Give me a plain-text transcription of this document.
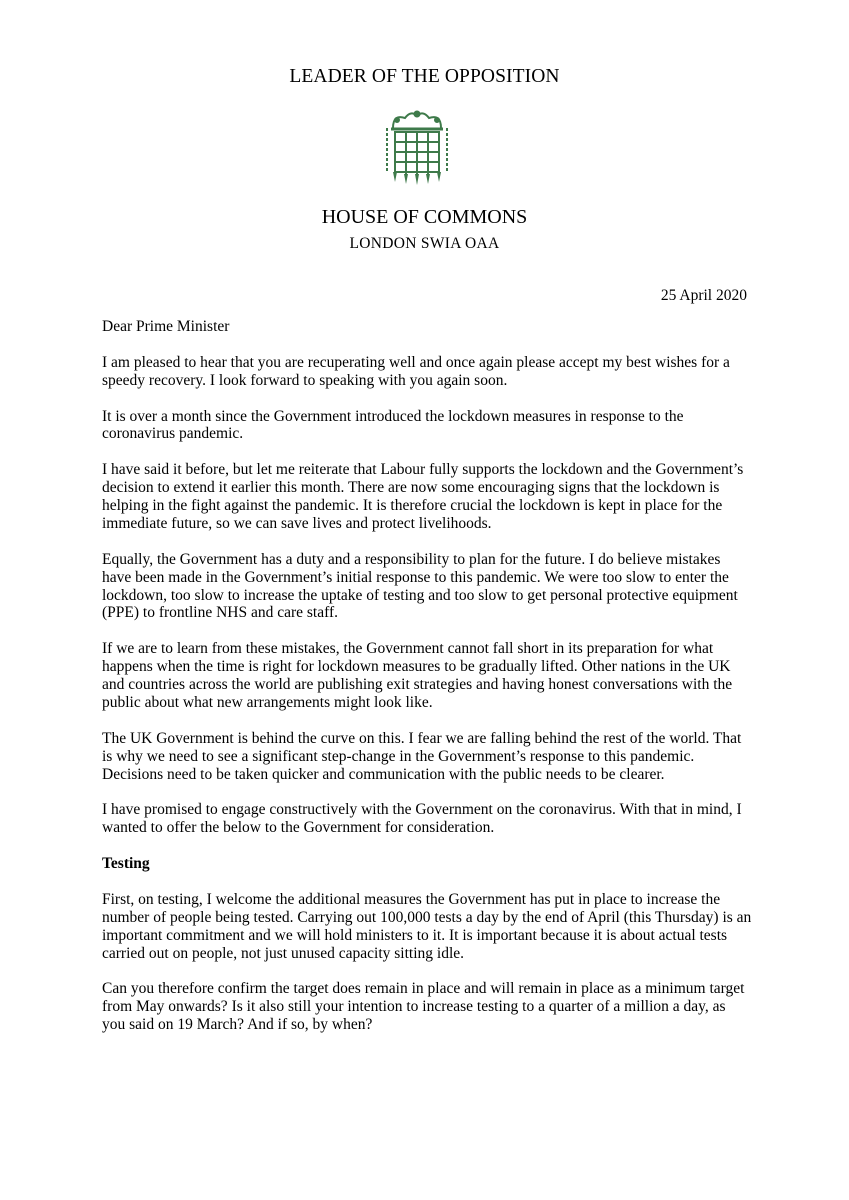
LEADER OF THE OPPOSITION
HOUSE OF COMMONS
LONDON SWIA OAA
25 April 2020

Dear Prime Minister

I am pleased to hear that you are recuperating well and once again please accept my best wishes for a speedy recovery. I look forward to speaking with you again soon.

It is over a month since the Government introduced the lockdown measures in response to the coronavirus pandemic.

I have said it before, but let me reiterate that Labour fully supports the lockdown and the Government’s decision to extend it earlier this month. There are now some encouraging signs that the lockdown is helping in the fight against the pandemic. It is therefore crucial the lockdown is kept in place for the immediate future, so we can save lives and protect livelihoods.

Equally, the Government has a duty and a responsibility to plan for the future. I do believe mistakes have been made in the Government’s initial response to this pandemic. We were too slow to enter the lockdown, too slow to increase the uptake of testing and too slow to get personal protective equipment (PPE) to frontline NHS and care staff.

If we are to learn from these mistakes, the Government cannot fall short in its preparation for what happens when the time is right for lockdown measures to be gradually lifted. Other nations in the UK and countries across the world are publishing exit strategies and having honest conversations with the public about what new arrangements might look like.

The UK Government is behind the curve on this. I fear we are falling behind the rest of the world. That is why we need to see a significant step-change in the Government’s response to this pandemic. Decisions need to be taken quicker and communication with the public needs to be clearer.

I have promised to engage constructively with the Government on the coronavirus. With that in mind, I wanted to offer the below to the Government for consideration.

Testing

First, on testing, I welcome the additional measures the Government has put in place to increase the number of people being tested. Carrying out 100,000 tests a day by the end of April (this Thursday) is an important commitment and we will hold ministers to it. It is important because it is about actual tests carried out on people, not just unused capacity sitting idle.

Can you therefore confirm the target does remain in place and will remain in place as a minimum target from May onwards? Is it also still your intention to increase testing to a quarter of a million a day, as you said on 19 March? And if so, by when?
